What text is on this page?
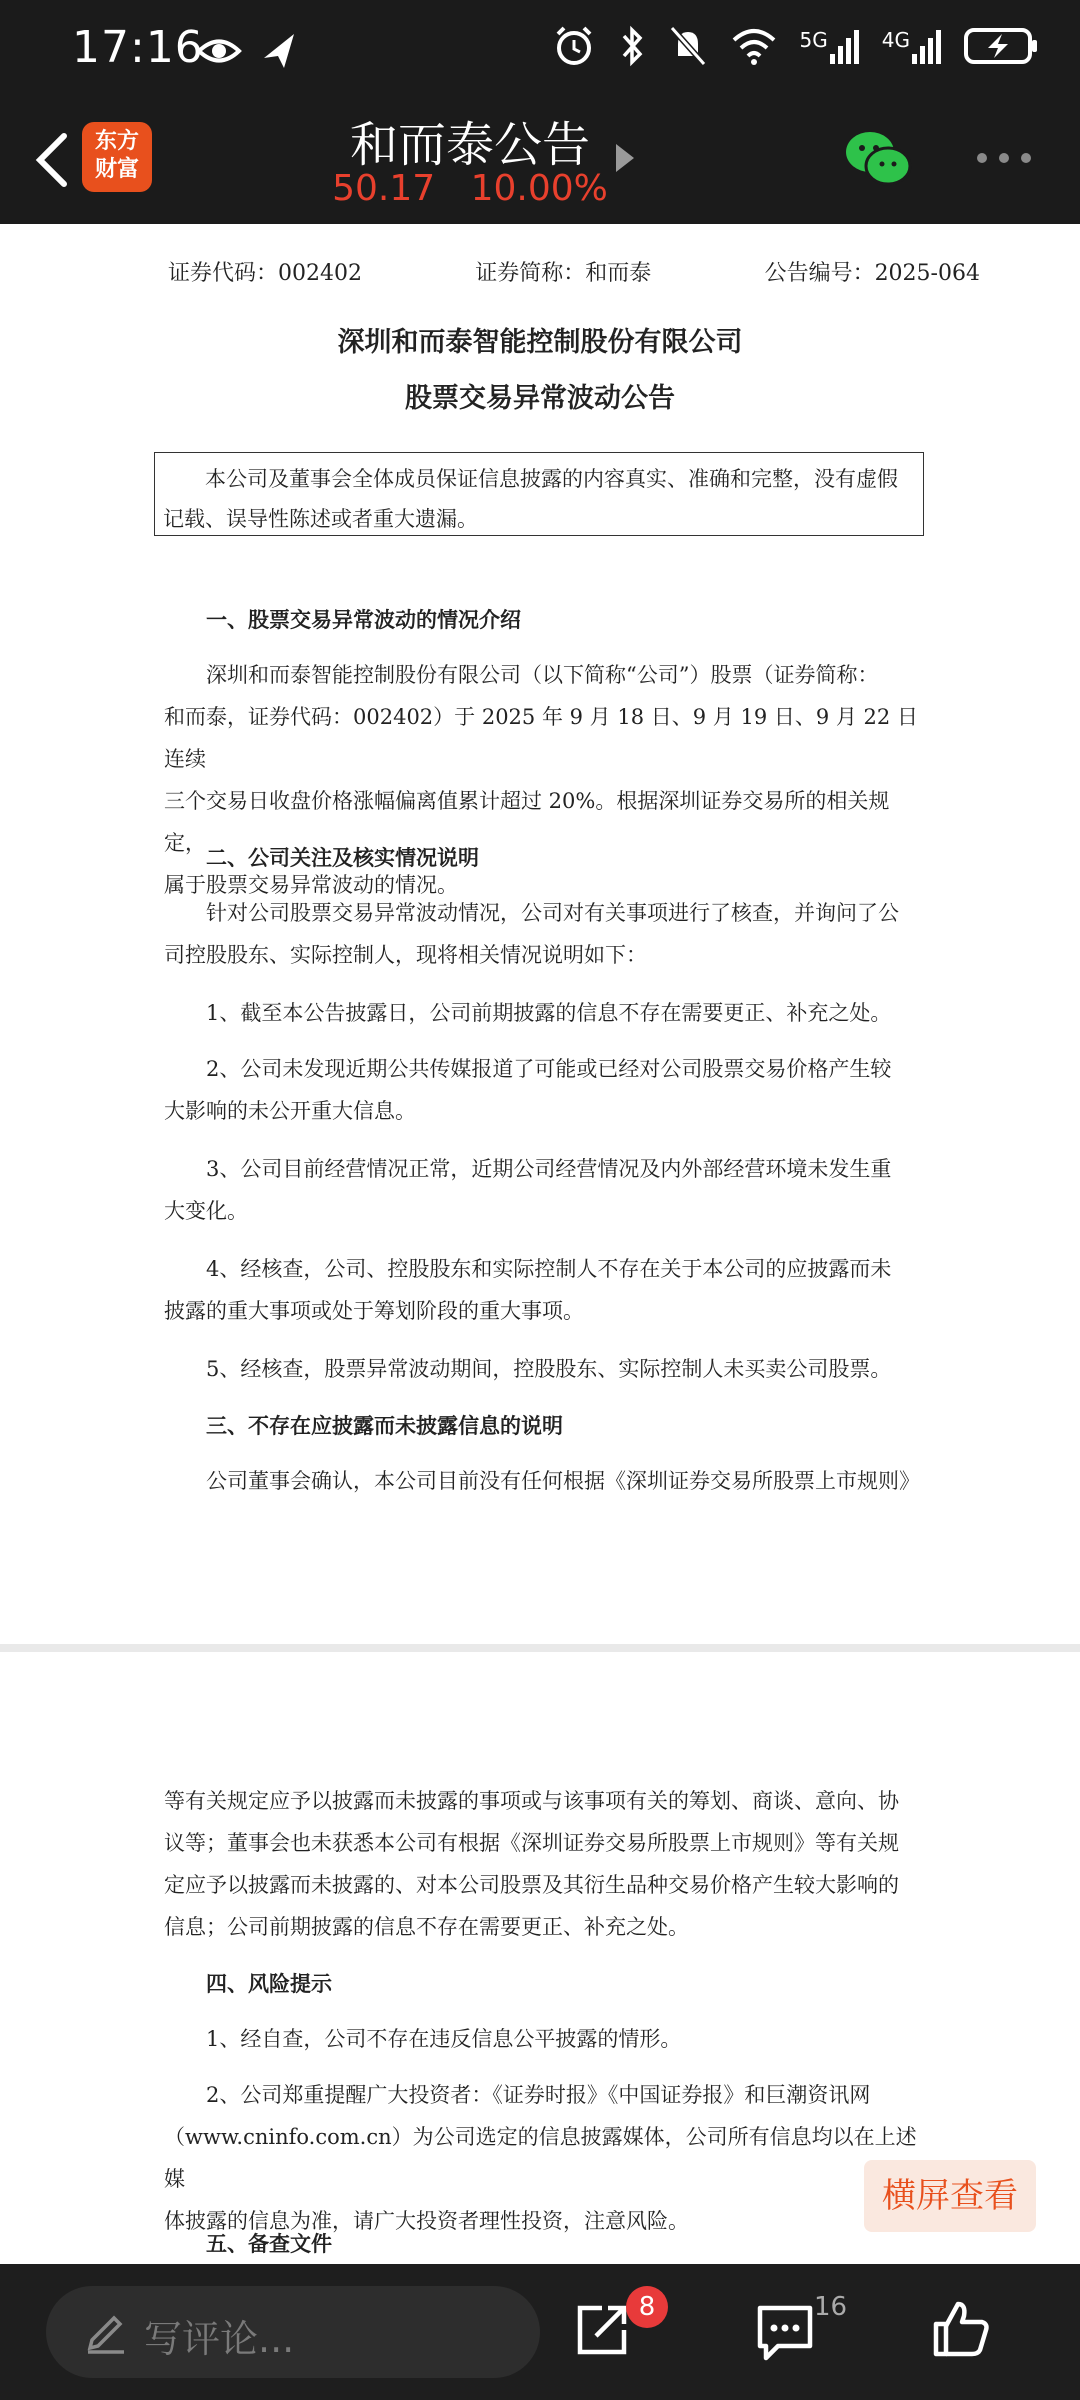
17:16	5G	4G
东方
财富	和而泰公告
50.17 10.00%
证券代码：002402	证券简称：和而泰	公告编号：2025-064
深圳和而泰智能控制股份有限公司
股票交易异常波动公告
本公司及董事会全体成员保证信息披露的内容真实、准确和完整，没有虚假
记载、误导性陈述或者重大遗漏。
一、股票交易异常波动的情况介绍
深圳和而泰智能控制股份有限公司（以下简称“公司”）股票（证券简称：
和而泰，证券代码：002402）于 2025 年 9 月 18 日、9 月 19 日、9 月 22 日连续
三个交易日收盘价格涨幅偏离值累计超过 20%。根据深圳证券交易所的相关规定，
属于股票交易异常波动的情况。
二、公司关注及核实情况说明
针对公司股票交易异常波动情况，公司对有关事项进行了核查，并询问了公
司控股股东、实际控制人，现将相关情况说明如下：
1、截至本公告披露日，公司前期披露的信息不存在需要更正、补充之处。
2、公司未发现近期公共传媒报道了可能或已经对公司股票交易价格产生较
大影响的未公开重大信息。
3、公司目前经营情况正常，近期公司经营情况及内外部经营环境未发生重
大变化。
4、经核查，公司、控股股东和实际控制人不存在关于本公司的应披露而未
披露的重大事项或处于筹划阶段的重大事项。
5、经核查，股票异常波动期间，控股股东、实际控制人未买卖公司股票。
三、不存在应披露而未披露信息的说明
公司董事会确认，本公司目前没有任何根据《深圳证券交易所股票上市规则》
等有关规定应予以披露而未披露的事项或与该事项有关的筹划、商谈、意向、协
议等；董事会也未获悉本公司有根据《深圳证券交易所股票上市规则》等有关规
定应予以披露而未披露的、对本公司股票及其衍生品种交易价格产生较大影响的
信息；公司前期披露的信息不存在需要更正、补充之处。
四、风险提示
1、经自查，公司不存在违反信息公平披露的情形。
2、公司郑重提醒广大投资者：《证券时报》《中国证券报》和巨潮资讯网
（www.cninfo.com.cn）为公司选定的信息披露媒体，公司所有信息均以在上述媒
体披露的信息为准，请广大投资者理性投资，注意风险。
五、备查文件
横屏查看
写评论...
8	16
